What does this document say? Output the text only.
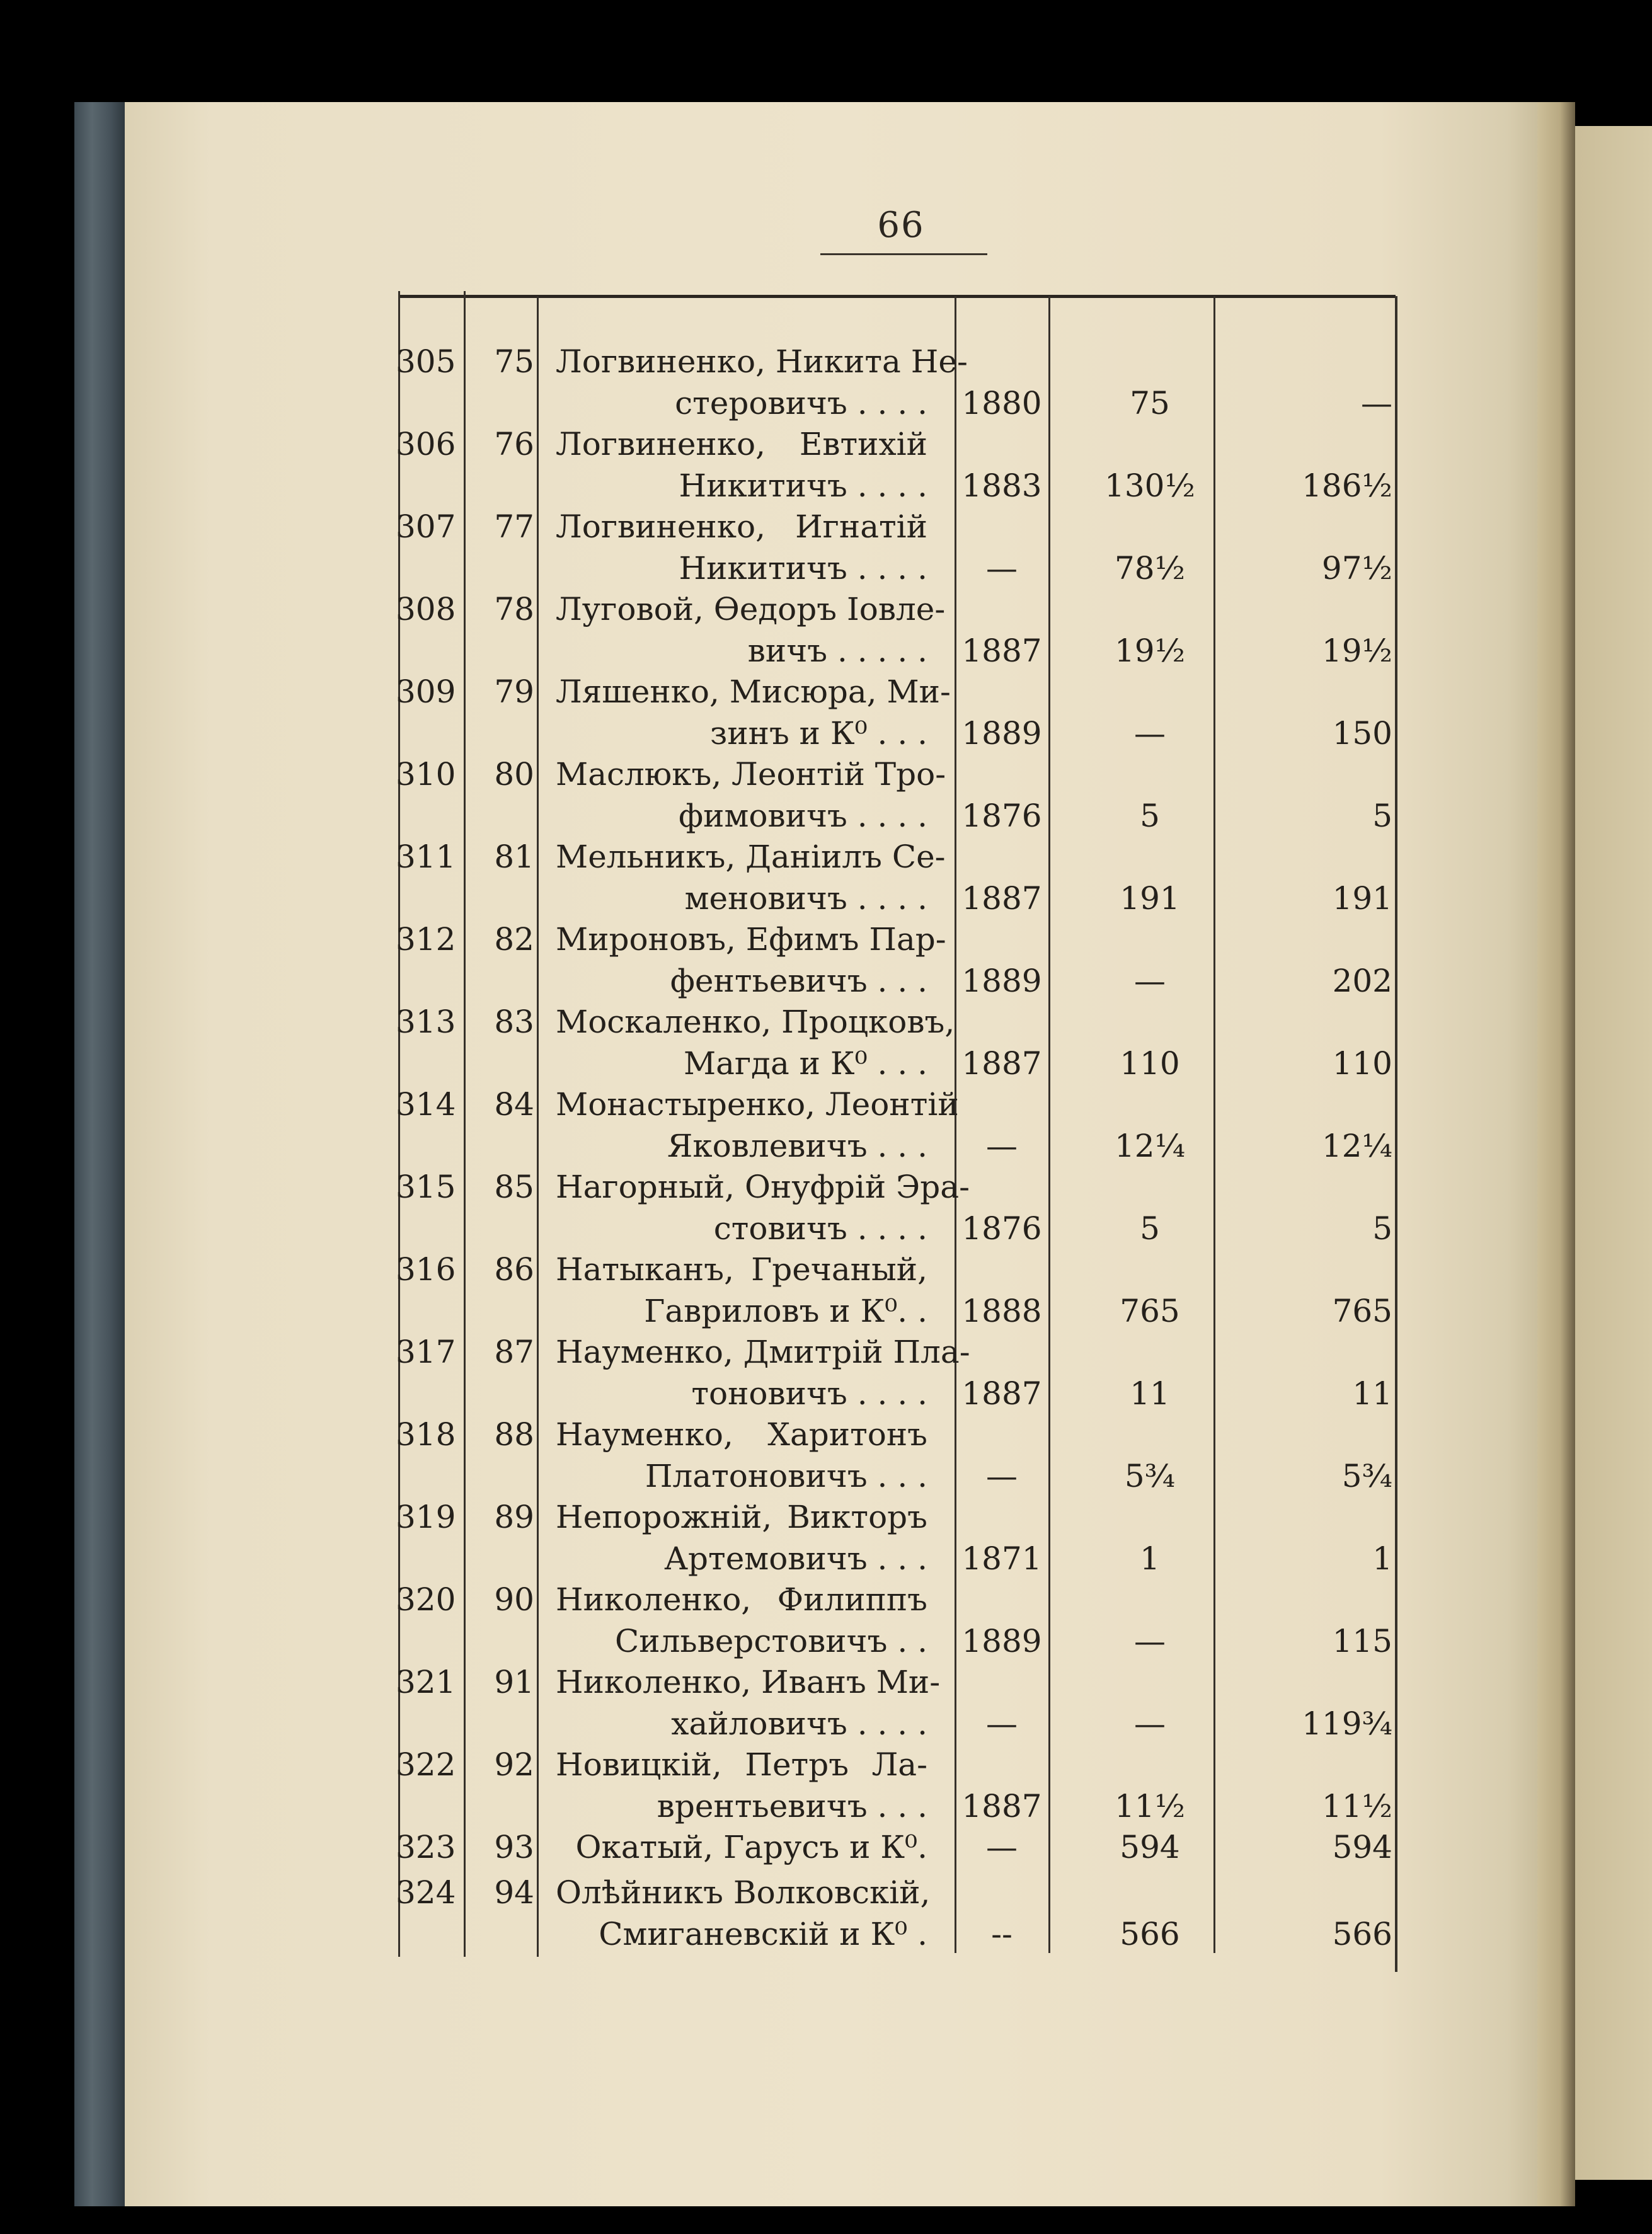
66
305	75 Логвиненко, Никита Не-
стеровичъ . . . . 1880	75	—
306	76 Логвиненко, Евтихій
Никитичъ . . . . 1883	130½	186½
307	77 Логвиненко, Игнатій
Никитичъ . . . .	—	78½	97½
308	78 Луговой, Өедоръ Іовле-
вичъ . . . . . 1887	19½	19½
309	79 Ляшенко, Мисюра, Ми-
зинъ и К⁰ . . . 1889	—	150
310	80 Маслюкъ, Леонтій Тро-
фимовичъ . . . . 1876	5	5
311	81 Мельникъ, Даніилъ Се-
меновичъ . . . . 1887	191	191
312	82 Мироновъ, Ефимъ Пар-
фентьевичъ . . . 1889	—	202
313	83 Москаленко, Процковъ,
Магда и К⁰ . . . 1887	110	110
314	84 Монастыренко, Леонтій
Яковлевичъ . . .	—	12¼	12¼
315	85 Нагорный, Онуфрій Эра-
стовичъ . . . . 1876	5	5
316	86 Натыканъ, Гречаный,
Гавриловъ и К⁰. . 1888	765	765
317	87 Науменко, Дмитрій Пла-
тоновичъ . . . . 1887	11	11
318	88 Науменко, Харитонъ
Платоновичъ . . .	—	5¾	5¾
319	89 Непорожній, Викторъ
Артемовичъ . . . 1871	1	1
320	90 Николенко, Филиппъ
Сильверстовичъ . . 1889	—	115
321	91 Николенко, Иванъ Ми-
хайловичъ . . . .	—	—	119¾
322	92 Новицкій, Петръ Ла-
врентьевичъ . . . 1887	11½	11½
323	93	Окатый, Гарусъ и К⁰.	—	594	594
324	94 Олѣйникъ Волковскій,
Смиганевскій и К⁰ .	--	566	566
